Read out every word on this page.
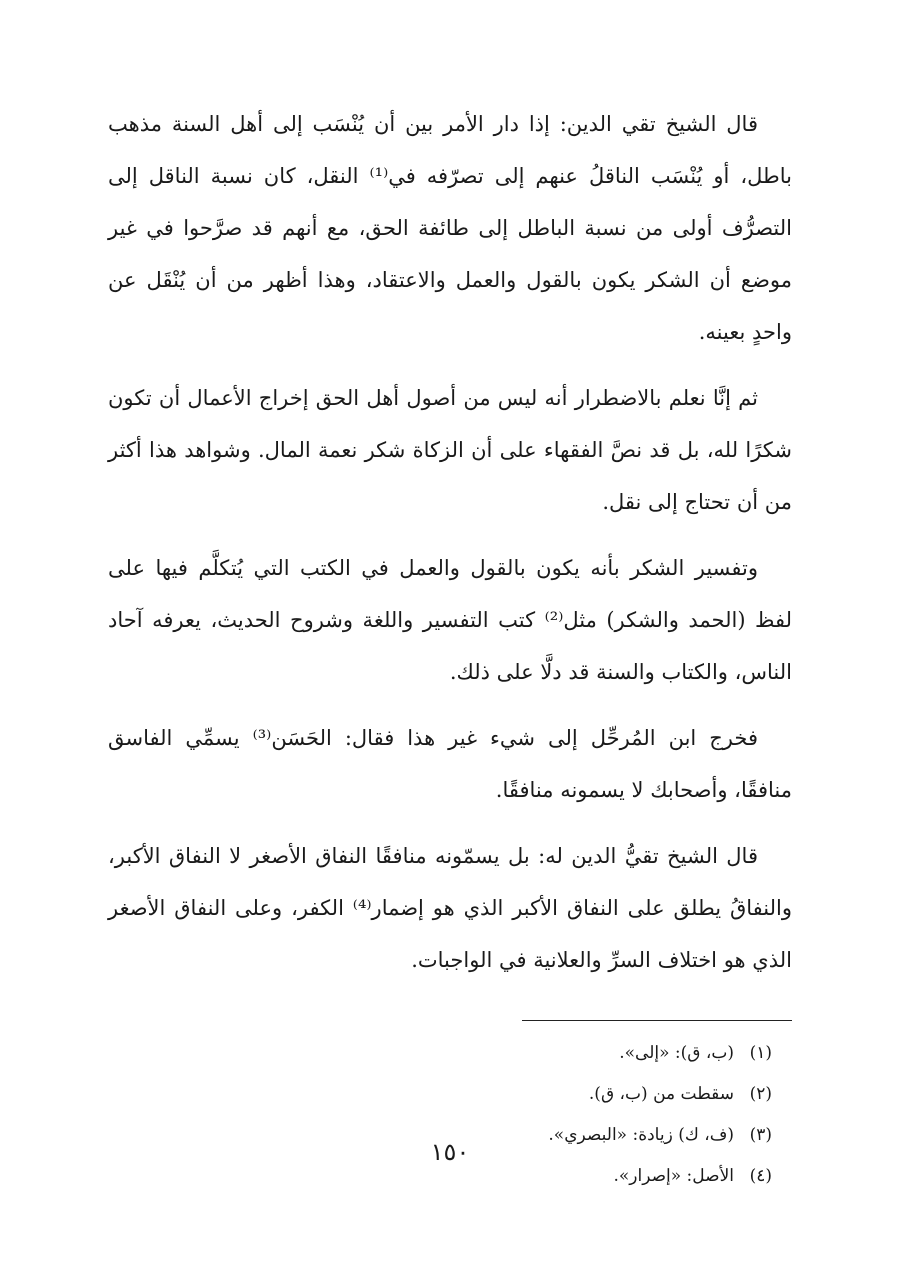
قال الشيخ تقي الدين: إذا دار الأمر بين أن يُنْسَب إلى أهل السنة مذهب باطل، أو يُنْسَب الناقلُ عنهم إلى تصرّفه في⁽¹⁾ النقل، كان نسبة الناقل إلى التصرُّف أولى من نسبة الباطل إلى طائفة الحق، مع أنهم قد صرَّحوا في غير موضع أن الشكر يكون بالقول والعمل والاعتقاد، وهذا أظهر من أن يُنْقَل عن واحدٍ بعينه.

ثم إنَّا نعلم بالاضطرار أنه ليس من أصول أهل الحق إخراج الأعمال أن تكون شكرًا لله، بل قد نصَّ الفقهاء على أن الزكاة شكر نعمة المال. وشواهد هذا أكثر من أن تحتاج إلى نقل.

وتفسير الشكر بأنه يكون بالقول والعمل في الكتب التي يُتكلَّم فيها على لفظ (الحمد والشكر) مثل⁽²⁾ كتب التفسير واللغة وشروح الحديث، يعرفه آحاد الناس، والكتاب والسنة قد دلَّا على ذلك.

فخرج ابن المُرحِّل إلى شيء غير هذا فقال: الحَسَن⁽³⁾ يسمِّي الفاسق منافقًا، وأصحابك لا يسمونه منافقًا.

قال الشيخ تقيُّ الدين له: بل يسمّونه منافقًا النفاق الأصغر لا النفاق الأكبر، والنفاقُ يطلق على النفاق الأكبر الذي هو إضمار⁽⁴⁾ الكفر، وعلى النفاق الأصغر الذي هو اختلاف السرِّ والعلانية في الواجبات.

(١)(ب، ق): «إلى».
(٢)سقطت من (ب، ق).
(٣)(ف، ك) زيادة: «البصري».
(٤)الأصل: «إصرار».
١٥٠
